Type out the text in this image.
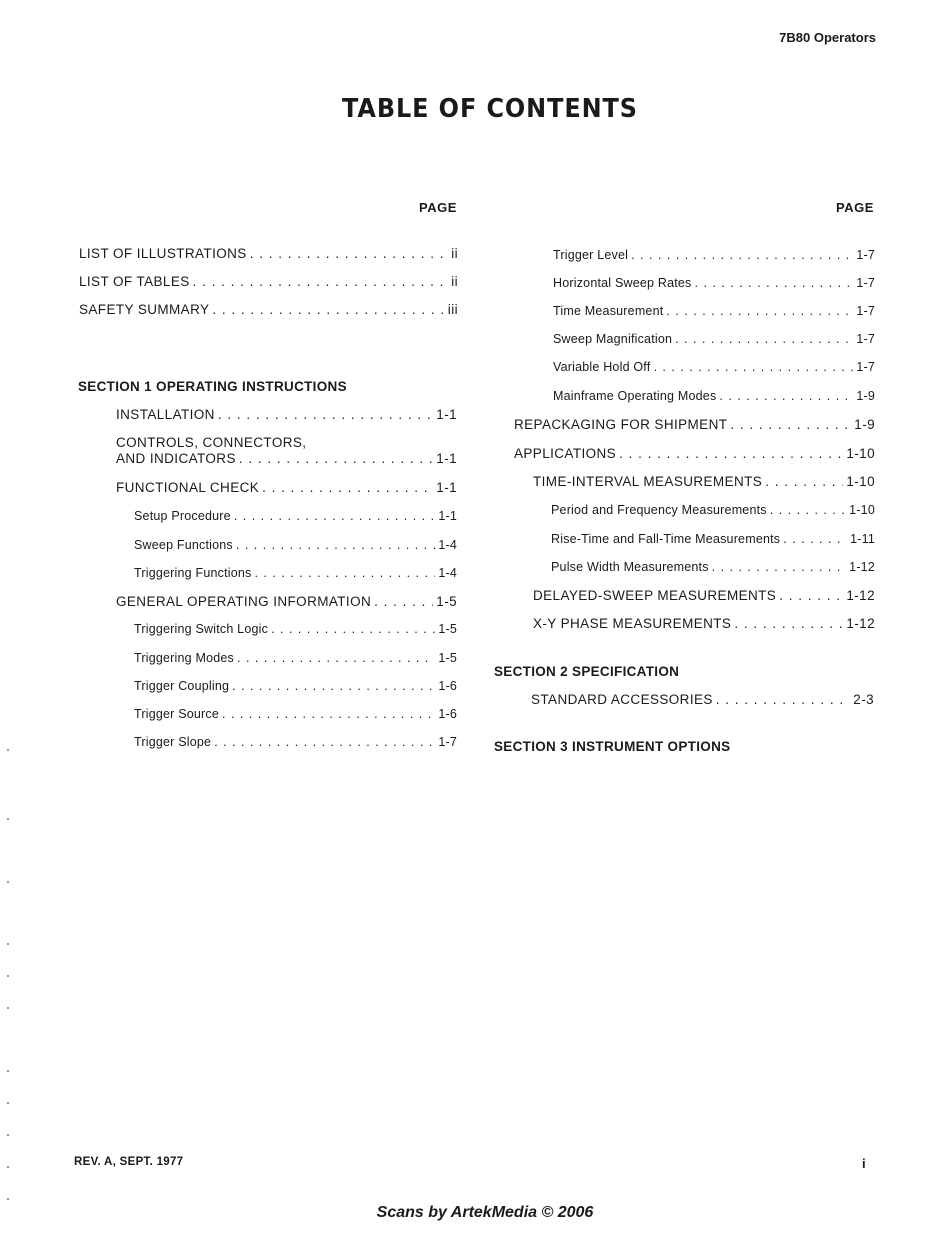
7B80 Operators
TABLE OF CONTENTS
PAGE	PAGE
LIST OF ILLUSTRATIONS . . .	ii
LIST OF TABLES . . .	ii
SAFETY SUMMARY . . .	iii
SECTION 1 OPERATING INSTRUCTIONS
INSTALLATION . . .	1-1
CONTROLS, CONNECTORS,
AND INDICATORS . . .	1-1
FUNCTIONAL CHECK . . .	1-1
Setup Procedure . . .	1-1
Sweep Functions . . .	1-4
Triggering Functions . . .	1-4
GENERAL OPERATING INFORMATION . . .	1-5
Triggering Switch Logic . . .	1-5
Triggering Modes . . .	1-5
Trigger Coupling . . .	1-6
Trigger Source . . .	1-6
Trigger Slope . . .	1-7
Trigger Level . . .	1-7
Horizontal Sweep Rates . . .	1-7
Time Measurement . . .	1-7
Sweep Magnification . . .	1-7
Variable Hold Off . . .	1-7
Mainframe Operating Modes . . .	1-9
REPACKAGING FOR SHIPMENT . . .	1-9
APPLICATIONS . . .	1-10
TIME-INTERVAL MEASUREMENTS . . .	1-10
Period and Frequency Measurements . . .	1-10
Rise-Time and Fall-Time Measurements . . .	1-11
Pulse Width Measurements . . .	1-12
DELAYED-SWEEP MEASUREMENTS . . .	1-12
X-Y PHASE MEASUREMENTS . . .	1-12
SECTION 2 SPECIFICATION
STANDARD ACCESSORIES . . .	2-3
SECTION 3 INSTRUMENT OPTIONS
REV. A, SEPT. 1977	i
Scans by ArtekMedia © 2006
